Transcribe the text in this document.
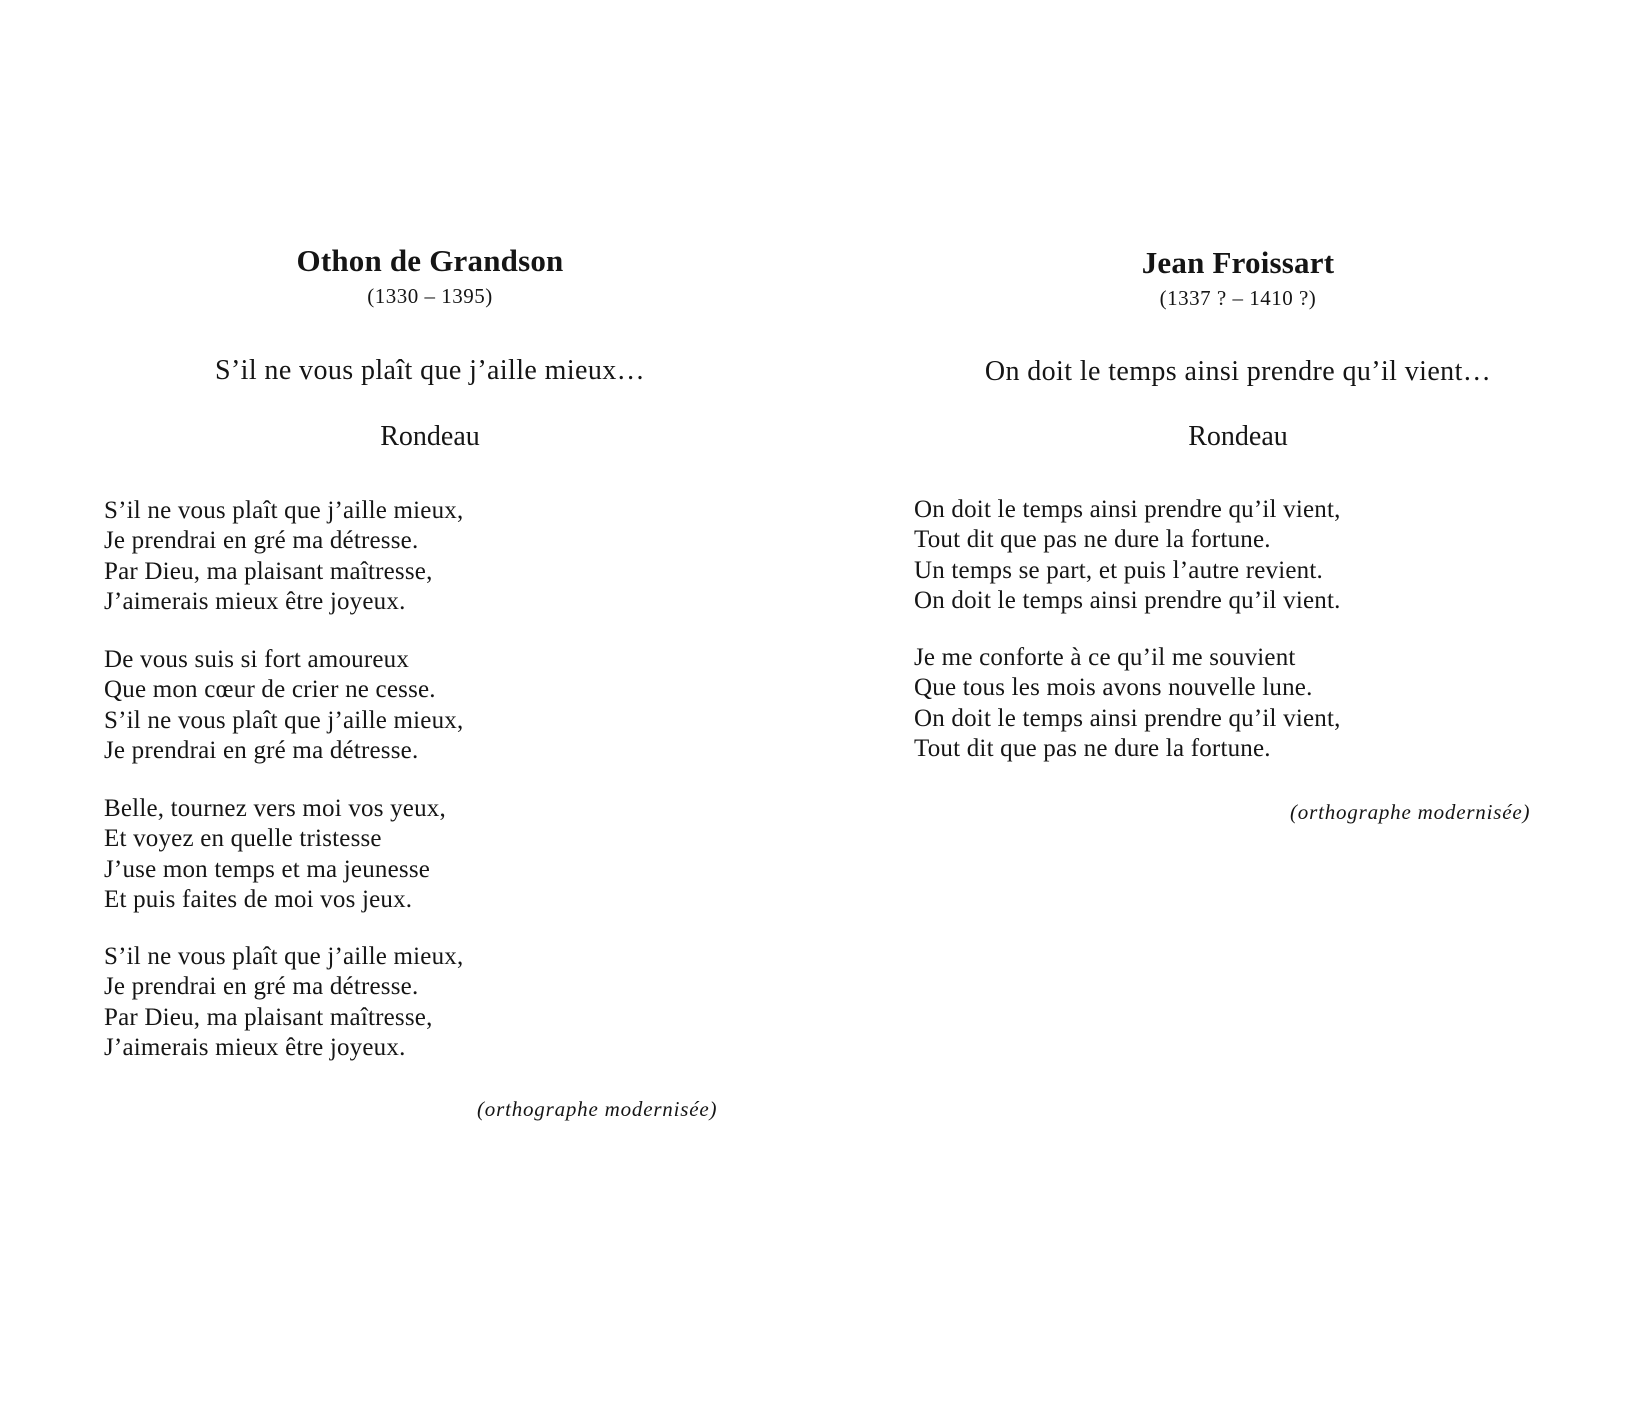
Othon de Grandson
(1330 – 1395)
S’il ne vous plaît que j’aille mieux…
Rondeau
S’il ne vous plaît que j’aille mieux,
Je prendrai en gré ma détresse.
Par Dieu, ma plaisant maîtresse,
J’aimerais mieux être joyeux.
De vous suis si fort amoureux
Que mon cœur de crier ne cesse.
S’il ne vous plaît que j’aille mieux,
Je prendrai en gré ma détresse.
Belle, tournez vers moi vos yeux,
Et voyez en quelle tristesse
J’use mon temps et ma jeunesse
Et puis faites de moi vos jeux.
S’il ne vous plaît que j’aille mieux,
Je prendrai en gré ma détresse.
Par Dieu, ma plaisant maîtresse,
J’aimerais mieux être joyeux.
(orthographe modernisée)
Jean Froissart
(1337 ? – 1410 ?)
On doit le temps ainsi prendre qu’il vient…
Rondeau
On doit le temps ainsi prendre qu’il vient,
Tout dit que pas ne dure la fortune.
Un temps se part, et puis l’autre revient.
On doit le temps ainsi prendre qu’il vient.
Je me conforte à ce qu’il me souvient
Que tous les mois avons nouvelle lune.
On doit le temps ainsi prendre qu’il vient,
Tout dit que pas ne dure la fortune.
(orthographe modernisée)
